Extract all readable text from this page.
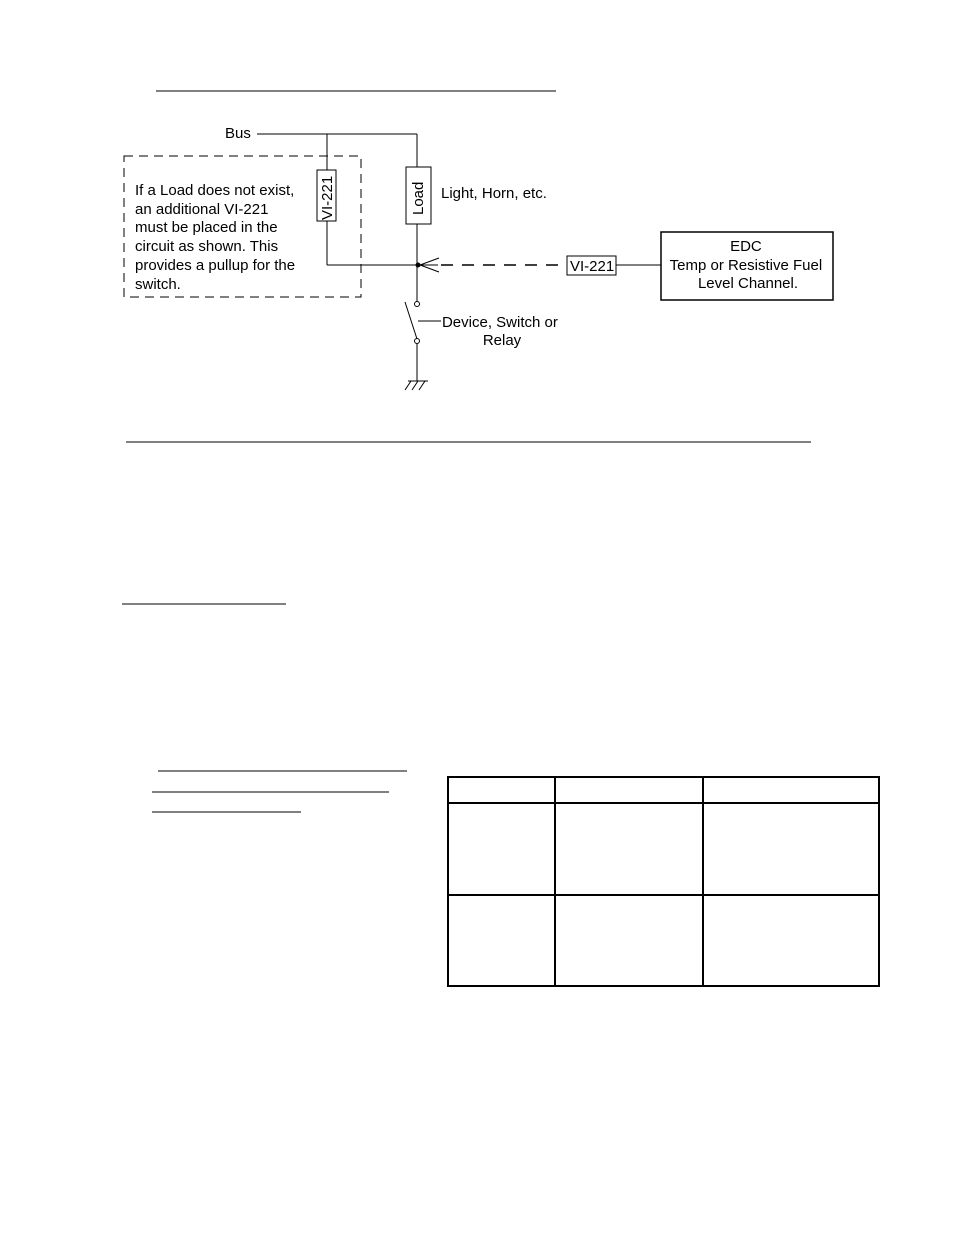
Bus
If a Load does not exist, an additional VI-221 must be placed in the circuit as shown. This provides a pullup for the switch.
VI-221	Load Light, Horn, etc.
VI-221
EDC Temp or Resistive Fuel Level Channel.
Device, Switch or Relay
